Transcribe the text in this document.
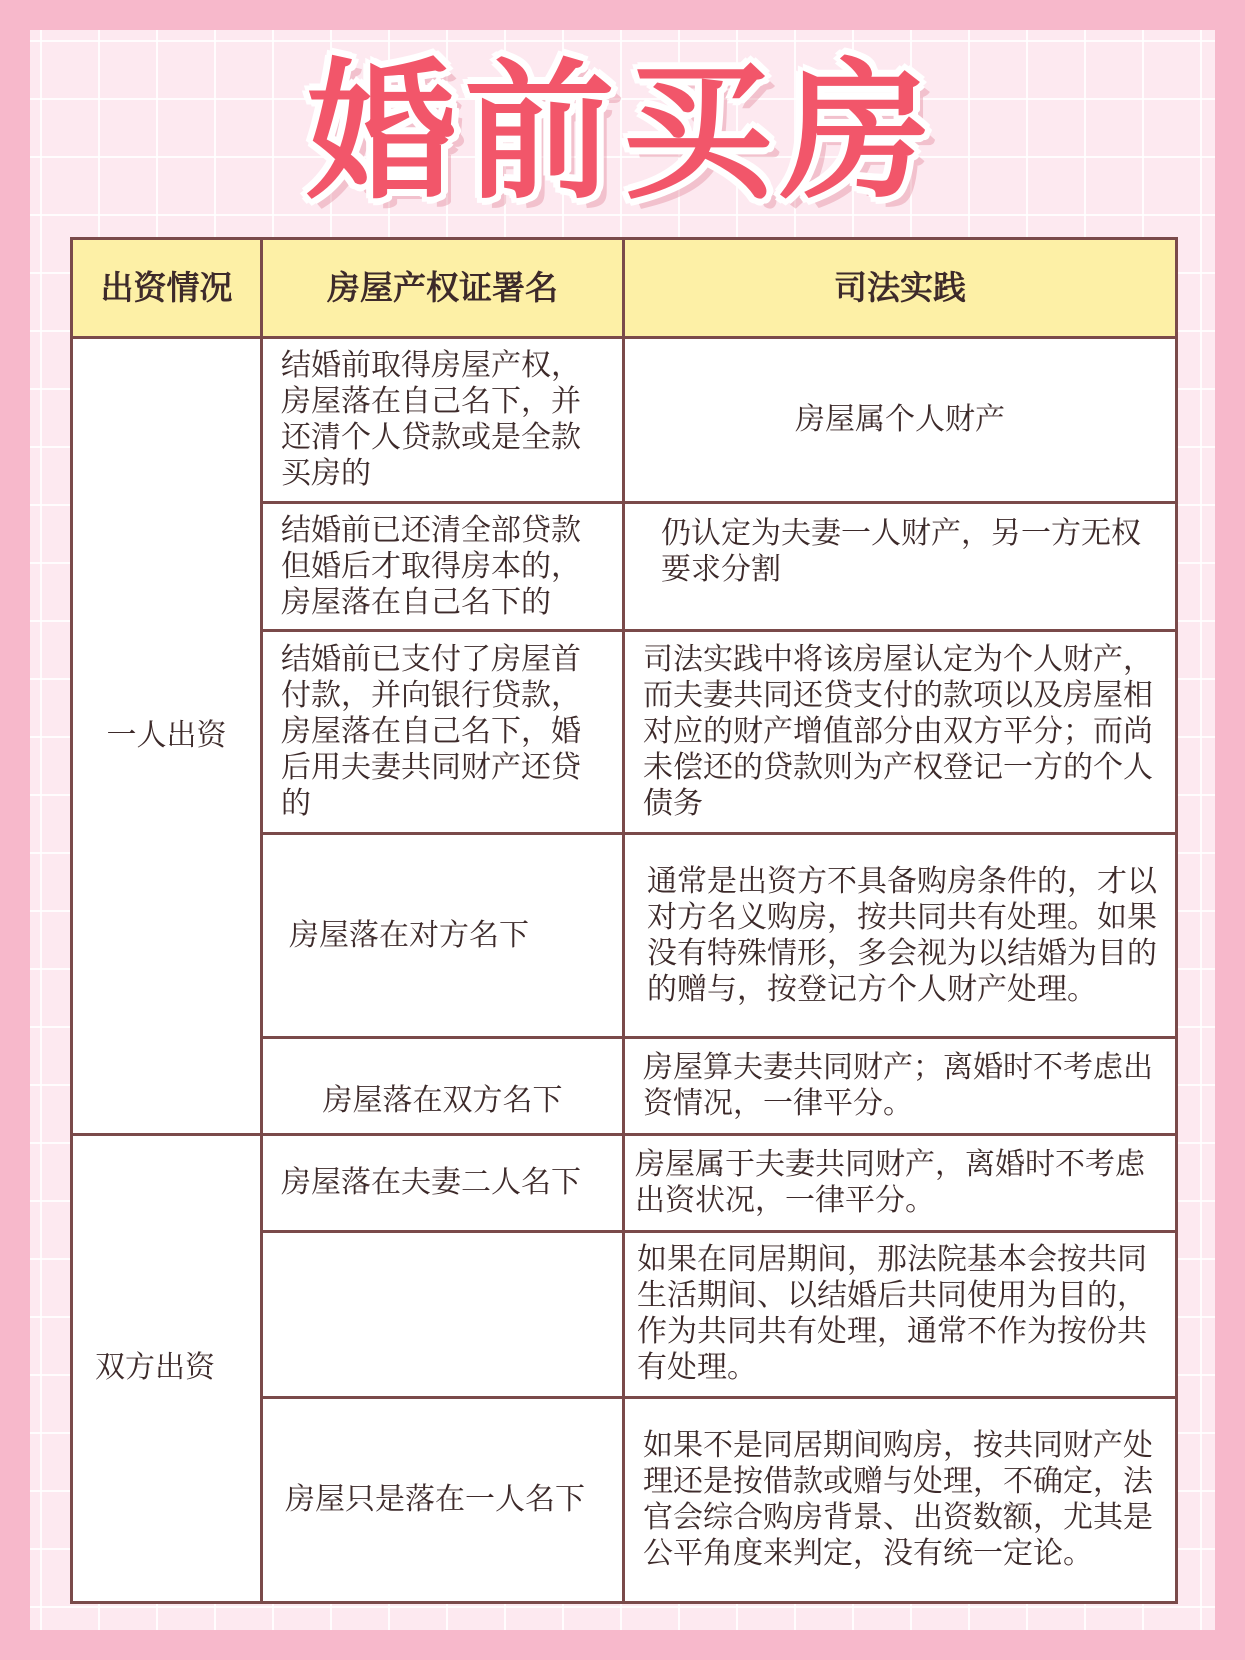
婚前买房
出资情况	房屋产权证署名	司法实践
一人出资	结婚前取得房屋产权，房屋落在自己名下，并还清个人贷款或是全款买房的	房屋属个人财产
	结婚前已还清全部贷款但婚后才取得房本的，房屋落在自己名下的	仍认定为夫妻一人财产，另一方无权要求分割
	结婚前已支付了房屋首付款，并向银行贷款，房屋落在自己名下，婚后用夫妻共同财产还贷的	司法实践中将该房屋认定为个人财产，而夫妻共同还贷支付的款项以及房屋相对应的财产增值部分由双方平分；而尚未偿还的贷款则为产权登记一方的个人债务
	房屋落在对方名下	通常是出资方不具备购房条件的，才以对方名义购房，按共同共有处理。如果没有特殊情形，多会视为以结婚为目的的赠与，按登记方个人财产处理。
	房屋落在双方名下	房屋算夫妻共同财产；离婚时不考虑出资情况，一律平分。
双方出资	房屋落在夫妻二人名下	房屋属于夫妻共同财产，离婚时不考虑出资状况，一律平分。
		如果在同居期间，那法院基本会按共同生活期间、以结婚后共同使用为目的，作为共同共有处理，通常不作为按份共有处理。
	房屋只是落在一人名下	如果不是同居期间购房，按共同财产处理还是按借款或赠与处理，不确定，法官会综合购房背景、出资数额，尤其是公平角度来判定，没有统一定论。
